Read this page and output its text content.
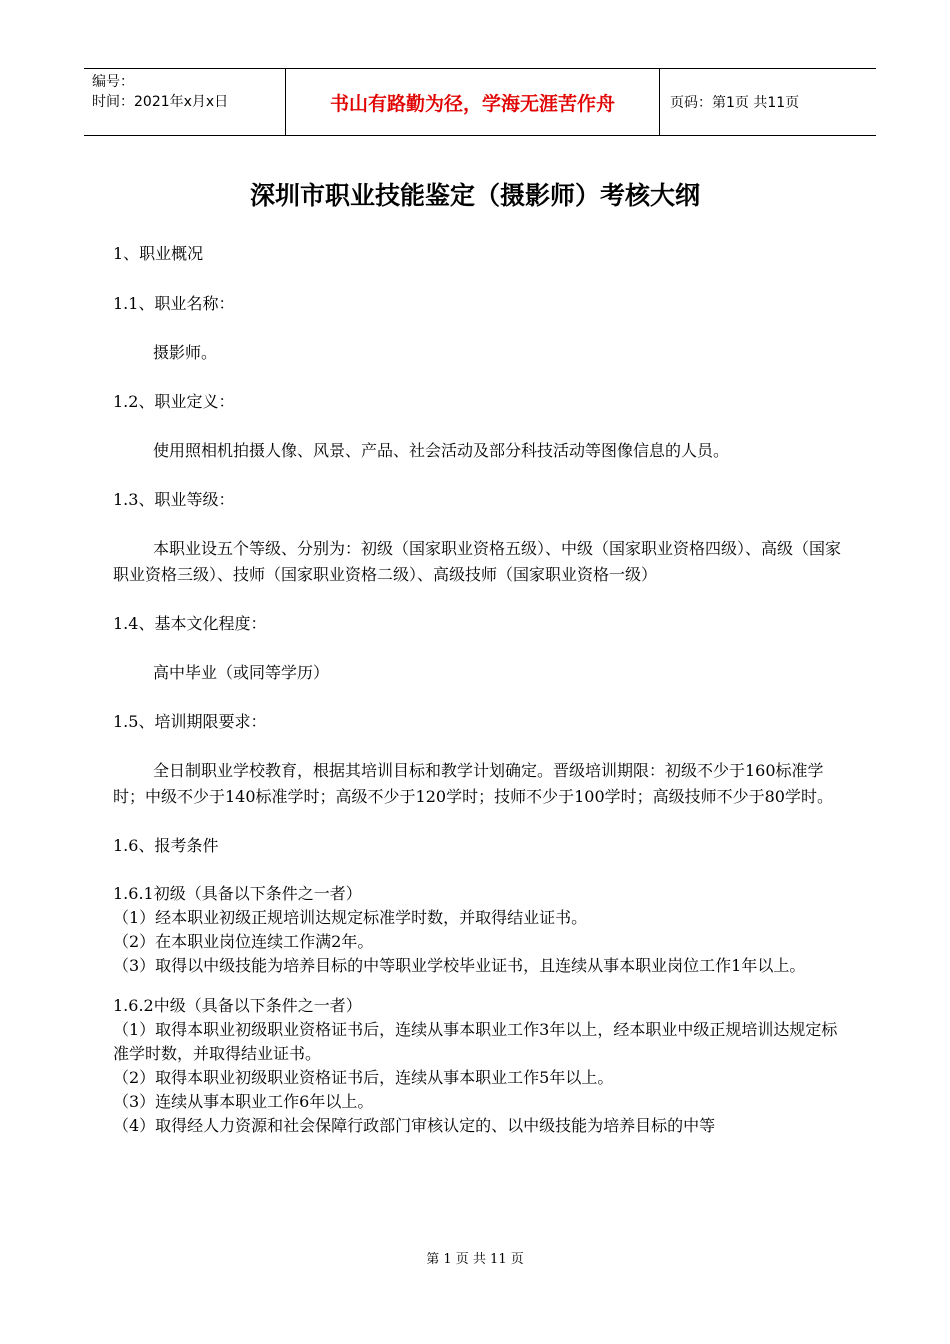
编号：
时间：2021年x月x日	书山有路勤为径，学海无涯苦作舟	页码：第1页 共11页
深圳市职业技能鉴定（摄影师）考核大纲

1、职业概况

1.1、职业名称：

摄影师。

1.2、职业定义：

使用照相机拍摄人像、风景、产品、社会活动及部分科技活动等图像信息的人员。

1.3、职业等级：

本职业设五个等级、分别为：初级（国家职业资格五级）、中级（国家职业资格四级）、高级（国家职业资格三级）、技师（国家职业资格二级）、高级技师（国家职业资格一级）

1.4、基本文化程度：

高中毕业（或同等学历）

1.5、培训期限要求：

全日制职业学校教育，根据其培训目标和教学计划确定。晋级培训期限：初级不少于160标准学时；中级不少于140标准学时；高级不少于120学时；技师不少于100学时；高级技师不少于80学时。

1.6、报考条件

1.6.1初级（具备以下条件之一者）

（1）经本职业初级正规培训达规定标准学时数，并取得结业证书。

（2）在本职业岗位连续工作满2年。

（3）取得以中级技能为培养目标的中等职业学校毕业证书，且连续从事本职业岗位工作1年以上。

1.6.2中级（具备以下条件之一者）

（1）取得本职业初级职业资格证书后，连续从事本职业工作3年以上，经本职业中级正规培训达规定标准学时数，并取得结业证书。

（2）取得本职业初级职业资格证书后，连续从事本职业工作5年以上。

（3）连续从事本职业工作6年以上。

（4）取得经人力资源和社会保障行政部门审核认定的、以中级技能为培养目标的中等

第 1 页 共 11 页
